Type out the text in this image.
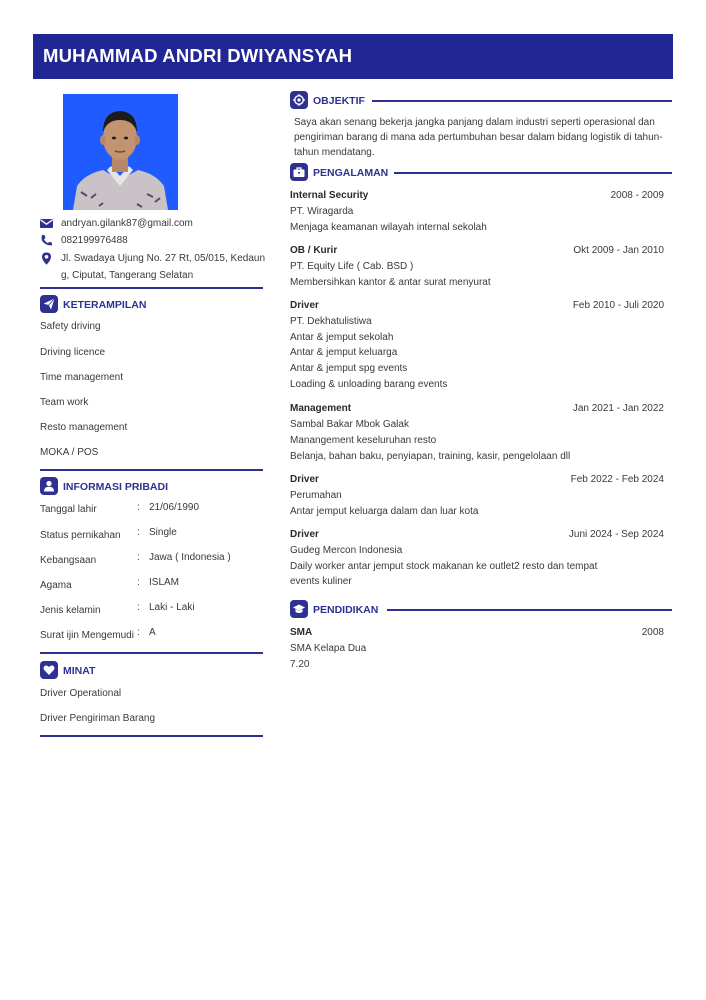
MUHAMMAD ANDRI DWIYANSYAH
andryan.gilank87@gmail.com
082199976488
Jl. Swadaya Ujung No. 27 Rt, 05/015, Kedaun
g, Ciputat, Tangerang Selatan
KETERAMPILAN
Safety driving
Driving licence
Time management
Team work
Resto management
MOKA / POS
INFORMASI PRIBADI
Tanggal lahir	: 21/06/1990
Status pernikahan : Single
Kebangsaan	: Jawa ( Indonesia )
Agama	: ISLAM
Jenis kelamin	: Laki - Laki
Surat ijin Mengemudi : A
MINAT
Driver Operational
Driver Pengiriman Barang
OBJEKTIF
Saya akan senang bekerja jangka panjang dalam industri seperti operasional dan
pengiriman barang di mana ada pertumbuhan besar dalam bidang logistik di tahun-
tahun mendatang.
PENGALAMAN
Internal Security	2008 - 2009
PT. Wiragarda
Menjaga keamanan wilayah internal sekolah
OB / Kurir	Okt 2009 - Jan 2010
PT. Equity Life ( Cab. BSD )
Membersihkan kantor & antar surat menyurat
Driver	Feb 2010 - Juli 2020
PT. Dekhatulistiwa
Antar & jemput sekolah
Antar & jemput keluarga
Antar & jemput spg events
Loading & unloading barang events
Management	Jan 2021 - Jan 2022
Sambal Bakar Mbok Galak
Manangement keseluruhan resto
Belanja, bahan baku, penyiapan, training, kasir, pengelolaan dll
Driver	Feb 2022 - Feb 2024
Perumahan
Antar jemput keluarga dalam dan luar kota
Driver	Juni 2024 - Sep 2024
Gudeg Mercon Indonesia
Daily worker antar jemput stock makanan ke outlet2 resto dan tempat
events kuliner
PENDIDIKAN
SMA	2008
SMA Kelapa Dua
7.20
